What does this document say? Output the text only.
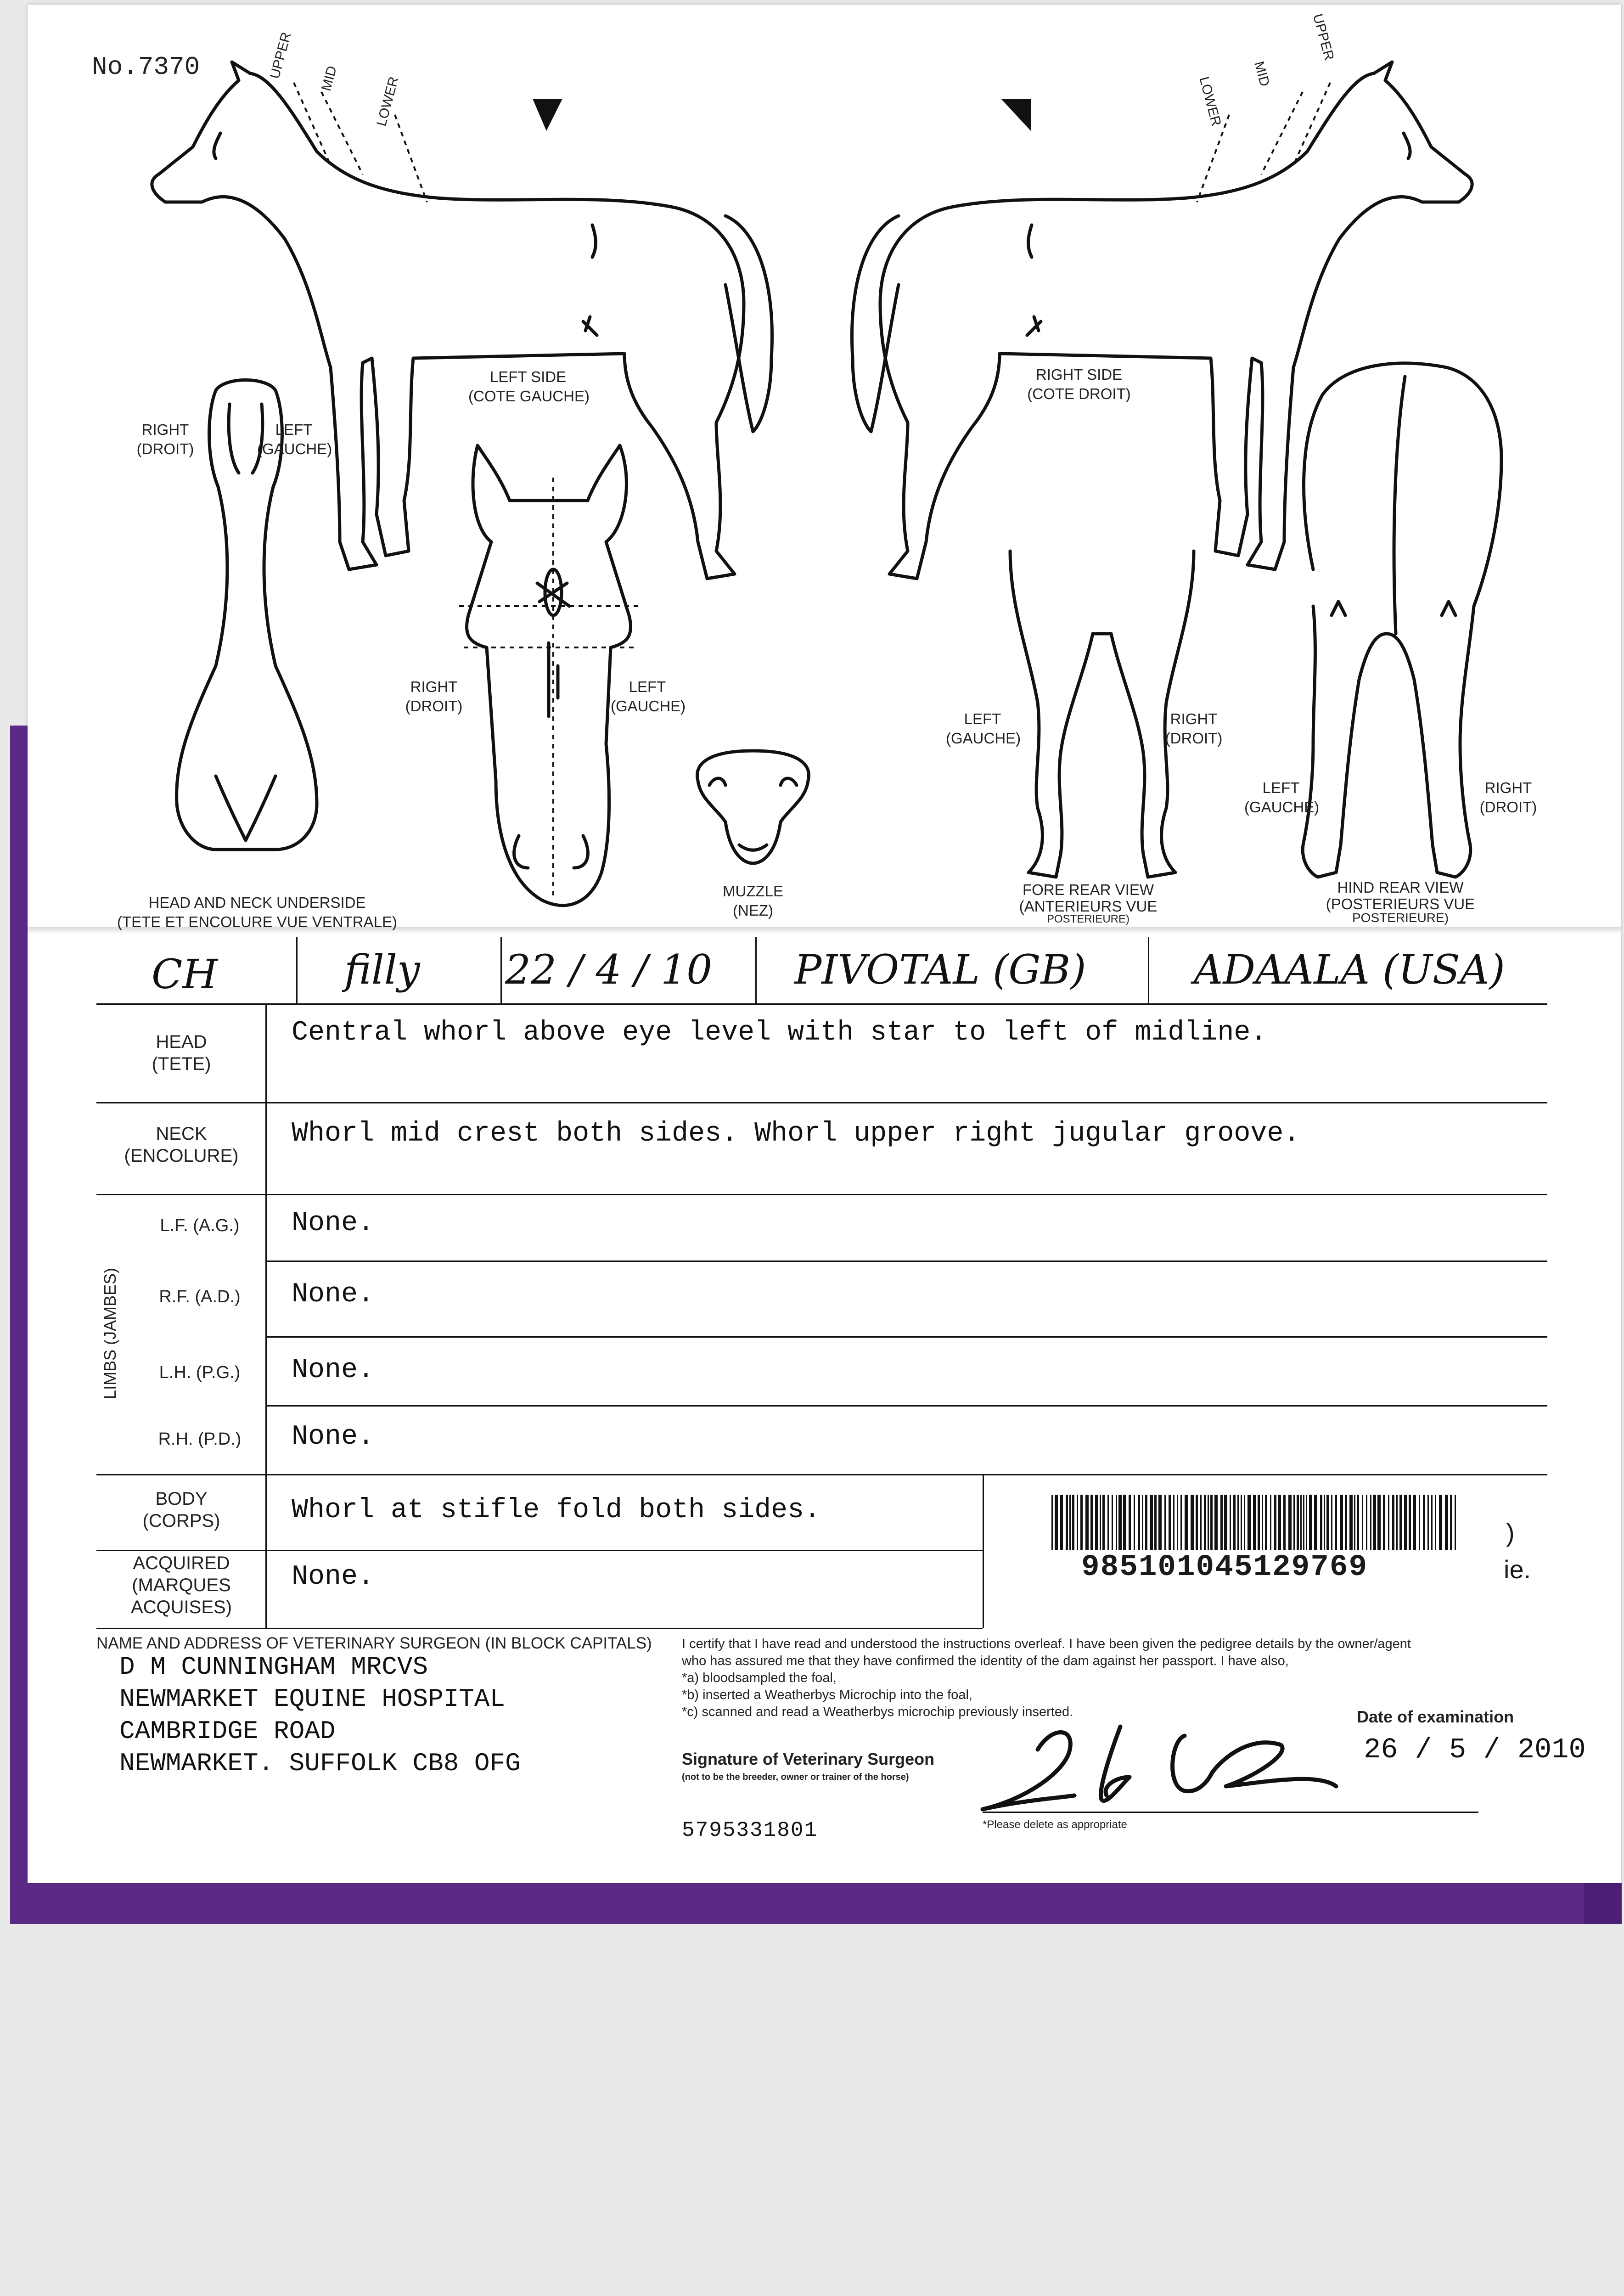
No.7370	UPPER MID LOWER
UPPER
MID
LOWER
LEFT SIDE
(COTE GAUCHE)
RIGHT SIDE
(COTE DROIT)
RIGHT
(DROIT)
LEFT
(GAUCHE)
RIGHT
(DROIT)
LEFT
(GAUCHE)
LEFT
(GAUCHE)
RIGHT
(DROIT)
LEFT
(GAUCHE)
RIGHT
(DROIT)
HEAD AND NECK UNDERSIDE
(TETE ET ENCOLURE VUE VENTRALE)
MUZZLE
(NEZ)
FORE REAR VIEW
(ANTERIEURS VUE
POSTERIEURE)
HIND REAR VIEW
(POSTERIEURS VUE
POSTERIEURE)
CH	filly 22 / 4 / 10 PIVOTAL (GB)	ADAALA (USA)
HEAD
(TETE)
Central whorl above eye level with star to left of midline.
NECK
(ENCOLURE)
Whorl mid crest both sides. Whorl upper right jugular groove.
LIMBS (JAMBES)
L.F. (A.G.)	None.
R.F. (A.D.)	None.
L.H. (P.G.)	None.
R.H. (P.D.)	None.
BODY
(CORPS)	Whorl at stifle fold both sides.
ACQUIRED
(MARQUES
ACQUISES)
None.	985101045129769
)
ie.
NAME AND ADDRESS OF VETERINARY SURGEON (IN BLOCK CAPITALS)
D M CUNNINGHAM MRCVS
NEWMARKET EQUINE HOSPITAL
CAMBRIDGE ROAD
NEWMARKET. SUFFOLK CB8 OFG
I certify that I have read and understood the instructions overleaf. I have been given the pedigree details by the owner/agent
who has assured me that they have confirmed the identity of the dam against her passport. I have also,
*a) bloodsampled the foal,
*b) inserted a Weatherbys Microchip into the foal,
*c) scanned and read a Weatherbys microchip previously inserted.
Signature of Veterinary Surgeon
(not to be the breeder, owner or trainer of the horse)
*Please delete as appropriate
Date of examination
26 / 5 / 2010
5795331801
